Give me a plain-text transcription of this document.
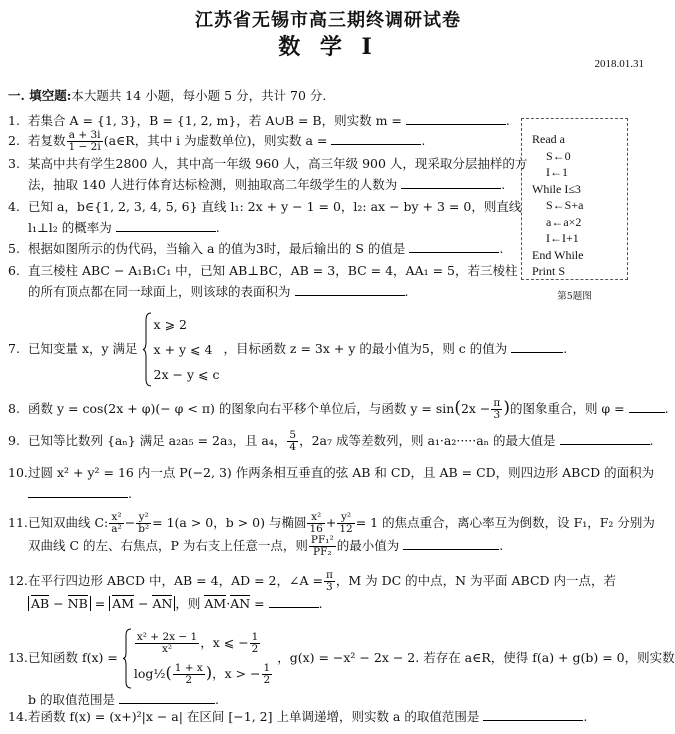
江苏省无锡市高三期终调研试卷
数 学 Ⅰ
2018.01.31
一. 填空题:本大题共 14 小题，每小题 5 分，共计 70 分.
1. 若集合 A = {1, 3}，B = {1, 2, m}，若 A∪B = B，则实数 m =	.
2. 若复数 $\frac{a + 3i}{1 - 2i}$ (a∈R，其中 i 为虚数单位)，则实数 a =	.
3. 某高中共有学生2800 人，其中高一年级 960 人，高三年级 900 人，现采取分层抽样的方
法，抽取 140 人进行体育达标检测，则抽取高二年级学生的人数为	.
4. 已知 a，b∈{1, 2, 3, 4, 5, 6} 直线 l₁: 2x + y − 1 = 0，l₂: ax − by + 3 = 0，则直线
l₁⊥l₂ 的概率为	.
5. 根据如图所示的伪代码，当输入 a 的值为3时，最后输出的 S 的值是	.
6. 直三棱柱 ABC − A₁B₁C₁ 中，已知 AB⊥BC，AB = 3，BC = 4，AA₁ = 5，若三棱柱
的所有顶点都在同一球面上，则该球的表面积为	.
Read a
S←0
I←1
While I≤3
S←S+a
a←a×2
I←I+1
End While
Print S
第5题图
7. 已知变量 x，y 满足
x ⩾ 2
x + y ⩽ 4
2x − y ⩽ c
，目标函数 z = 3x + y 的最小值为5，则 c 的值为	.
8. 函数 y = cos(2x + φ)(− φ < π) 的图象向右平移个单位后，与函数 $y = \sin(2x - \frac{\pi}{3}$ )的图象重合，则 φ =	.
9. 已知等比数列 {aₙ} 满足 a₂a₅ = 2a₃，且 a₄， $\frac{5}{4}$ ，2a₇ 成等差数列，则 a₁·a₂·····aₙ 的最大值是	.
10.过圆 x² + y² = 16 内一点 P(−2, 3) 作两条相互垂直的弦 AB 和 CD，且 AB = CD，则四边形 ABCD 的面积为
.
11.已知双曲线 C: $\frac{\text{x²}}{\text{a²}} - \frac{\text{y²}}{\text{b²}} = 1(a > 0$，b > 0) 与椭圆 $\frac{\text{x²}}{16} + \frac{\text{y²}}{12} = 1$ 的焦点重合，离心率互为倒数，设 F₁，F₂ 分别为
双曲线 C 的左、右焦点，P 为右支上任意一点，则 $\frac{\text{PF₁²}}{\text{PF₂}}$ 的最小值为	.
12.在平行四边形 ABCD 中，AB = 4，AD = 2，∠A = $\frac{\pi}{3}$ ，M 为 DC 的中点，N 为平面 ABCD 内一点，若
AB − NB = AM − AN ，则 AM·AN =	.
13.已知函数 f(x) =
$\frac{\text{x² + 2x − 1}}{\text{x²}}$ ，x ⩽ − $\frac{1}{2}$
log½( $\frac{1 + x}{2}$ )，x > − $\frac{1}{2}$
，g(x) = −x² − 2x − 2. 若存在 a∈R，使得 f(a) + g(b) = 0，则实数
b 的取值范围是	.
14.若函数 f(x) = (x+)²|x − a| 在区间 [−1, 2] 上单调递增，则实数 a 的取值范围是	.
